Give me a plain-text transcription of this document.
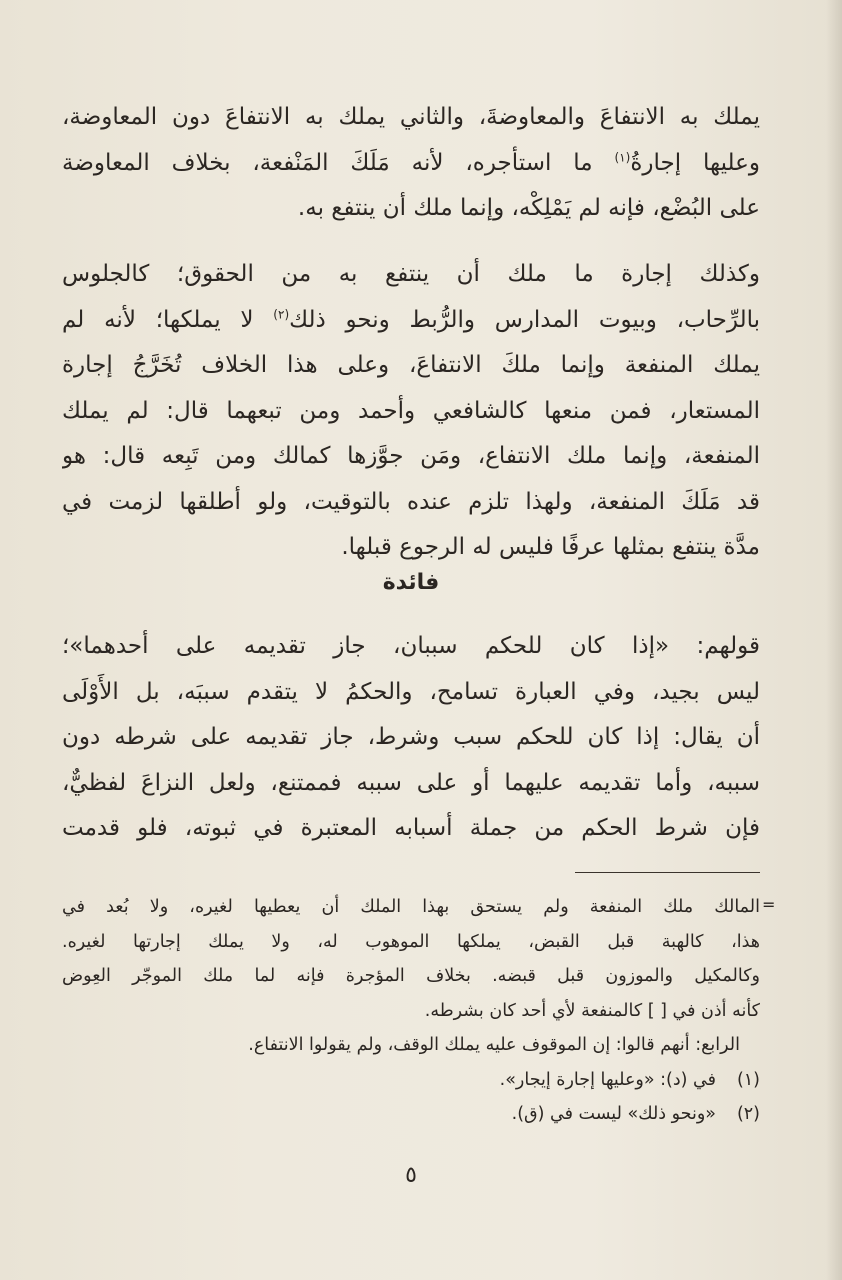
يملك به الانتفاعَ والمعاوضةَ، والثاني يملك به الانتفاعَ دون المعاوضة،
وعليها إجارةُ$^{(١)}$ ما استأجره، لأنه مَلَكَ المَنْفعة، بخلاف المعاوضة
على البُضْع، فإنه لم يَمْلِكْه، وإنما ملك أن ينتفع به.
وكذلك إجارة ما ملك أن ينتفع به من الحقوق؛ كالجلوس
بالرِّحاب، وبيوت المدارس والرُّبط ونحو ذلك$^{(٢)}$ لا يملكها؛ لأنه لم
يملك المنفعة وإنما ملكَ الانتفاعَ، وعلى هذا الخلاف تُخَرَّجُ إجارة
المستعار، فمن منعها كالشافعي وأحمد ومن تبعهما قال: لم يملك
المنفعة، وإنما ملك الانتفاع، ومَن جوَّزها كمالك ومن تَبِعه قال: هو
قد مَلَكَ المنفعة، ولهذا تلزم عنده بالتوقيت، ولو أطلقها لزمت في
مدَّة ينتفع بمثلها عرفًا فليس له الرجوع قبلها.
فائدة
قولهم: «إذا كان للحكم سببان، جاز تقديمه على أحدهما»؛
ليس بجيد، وفي العبارة تسامح، والحكمُ لا يتقدم سببَه، بل الأَوْلَى
أن يقال: إذا كان للحكم سبب وشرط، جاز تقديمه على شرطه دون
سببه، وأما تقديمه عليهما أو على سببه فممتنع، ولعل النزاعَ لفظيٌّ،
فإن شرط الحكم من جملة أسبابه المعتبرة في ثبوته، فلو قدمت
=
المالك ملك المنفعة ولم يستحق بهذا الملك أن يعطيها لغيره، ولا بُعد في
هذا، كالهبة قبل القبض، يملكها الموهوب له، ولا يملك إجارتها لغيره.
وكالمكيل والموزون قبل قبضه. بخلاف المؤجرة فإنه لما ملك الموجّر العِوض
كأنه أذن في [ ] كالمنفعة لأي أحد كان بشرطه.
الرابع: أنهم قالوا: إن الموقوف عليه يملك الوقف، ولم يقولوا الانتفاع.
(١)في (د): «وعليها إجارة إيجار».
(٢)«ونحو ذلك» ليست في (ق).
٥
